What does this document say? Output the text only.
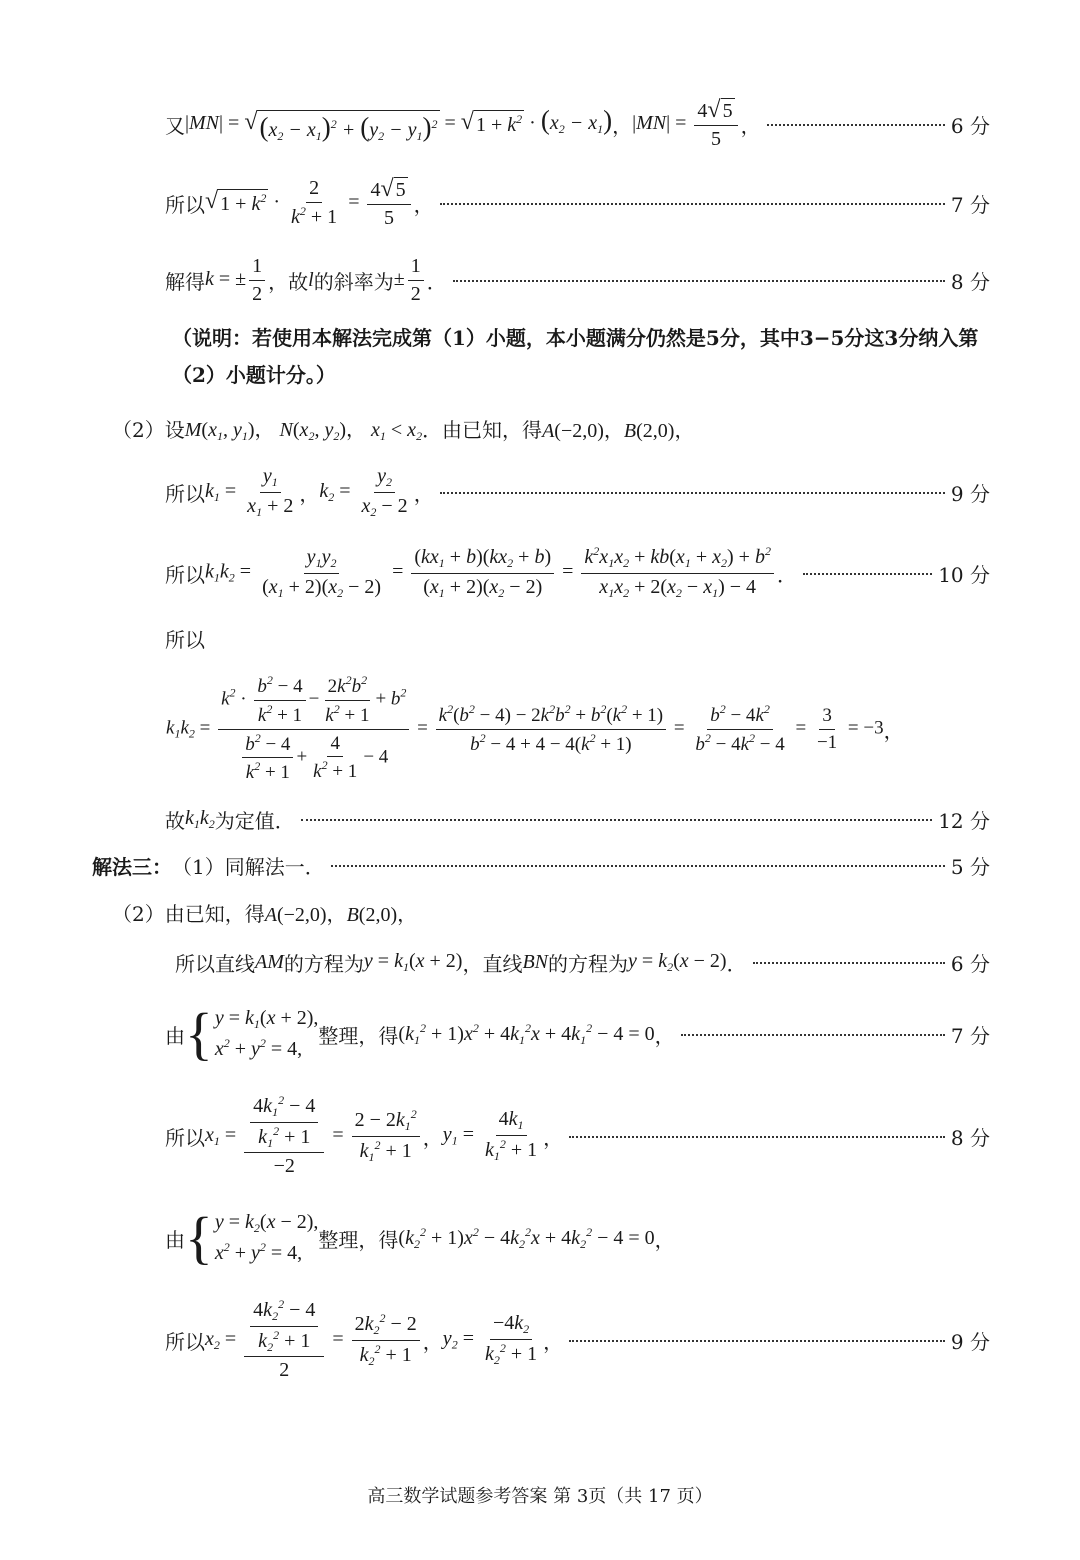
又 |MN| = √ $(x_2 - x_1)^2 + (y_2 - y_1)^2$ = √ $1 + k^2 \cdot (x_2 - x_1)$ ， $|MN| = \frac{4 √ 5}{5}$ ，	6 分
所以 √ $1 + k^2 \cdot \frac{2}{k^2 + 1} = \frac{4 √ 5}{5}$ ，	7 分
解得 k = ± $\frac{1}{2}$ ，故 l 的斜率为 ± $\frac{1}{2}$ ．	8 分
（说明：若使用本解法完成第（1）小题，本小题满分仍然是5分，其中3−5分这3分纳入第（2）小题计分。）
（2）设 $M(x_1$, $y_1$)， $N(x_2$, $y_2$)， $x_1 < x_2$ ．由已知，得 A(−2,0)，B(2,0) ，
所以 $k_1 = \frac{y_1}{x_1 + 2}$ ， $k_2 = \frac{y_2}{x_2 - 2}$ ，	9 分
所以 $k_1k_2 = \frac{y_1y_2}{(x_1 + 2)(x_2 - 2)} = \frac{(kx_1 + b)(kx_2 + b)}{(x_1 + 2)(x_2 - 2)} = \frac{k^2x_1x_2 + kb(x_1 + x_2) + b^2}{x_1x_2 + 2(x_2 - x_1) - 4}$ ．	10 分
所以
$k_1k_2 = \frac{k^2 \cdot \frac{b^2 - 4}{k^2 + 1} - \frac{2k^2b^2}{k^2 + 1} + b^2}{\frac{b^2 - 4}{k^2 + 1} + \frac{4}{k^2 + 1} - 4} = \frac{k^2(b^2 - 4) - 2k^2b^2 + b^2(k^2 + 1)}{b^2 - 4 + 4 - 4(k^2 + 1)} = \frac{b^2 - 4k^2}{b^2 - 4k^2 - 4} = \frac{3}{-1} = -3$ ，
故 $k_1k_2$ 为定值．	12 分
解法三： （1）同解法一．	5 分
（2）由已知，得 A(−2,0)，B(2,0) ，
所以直线 AM 的方程为 $y = k_1(x + 2)$ ，直线 BN 的方程为 $y = k_2(x - 2)$ ．	6 分
由 { $y = k_1(x + 2)$,
$x^2 + y^2 = 4$,
整理，得 $(k_1^2 + 1)x^2 + 4k_1^2x + 4k_1^2 - 4 = 0$ ，	7 分
所以 $x_1 = \frac{\frac{4k_1^2 - 4}{k_1^2 + 1}}{-2} = \frac{2 - 2k_1^2}{k_1^2 + 1}$ ， $y_1 = \frac{4k_1}{k_1^2 + 1}$ ，	8 分
由 { $y = k_2(x - 2)$,
$x^2 + y^2 = 4$,
整理，得 $(k_2^2 + 1)x^2 - 4k_2^2x + 4k_2^2 - 4 = 0$ ，
所以 $x_2 = \frac{\frac{4k_2^2 - 4}{k_2^2 + 1}}{2} = \frac{2k_2^2 - 2}{k_2^2 + 1}$ ， $y_2 = \frac{-4k_2}{k_2^2 + 1}$ ，	9 分
高三数学试题参考答案 第 3页（共 17 页）
